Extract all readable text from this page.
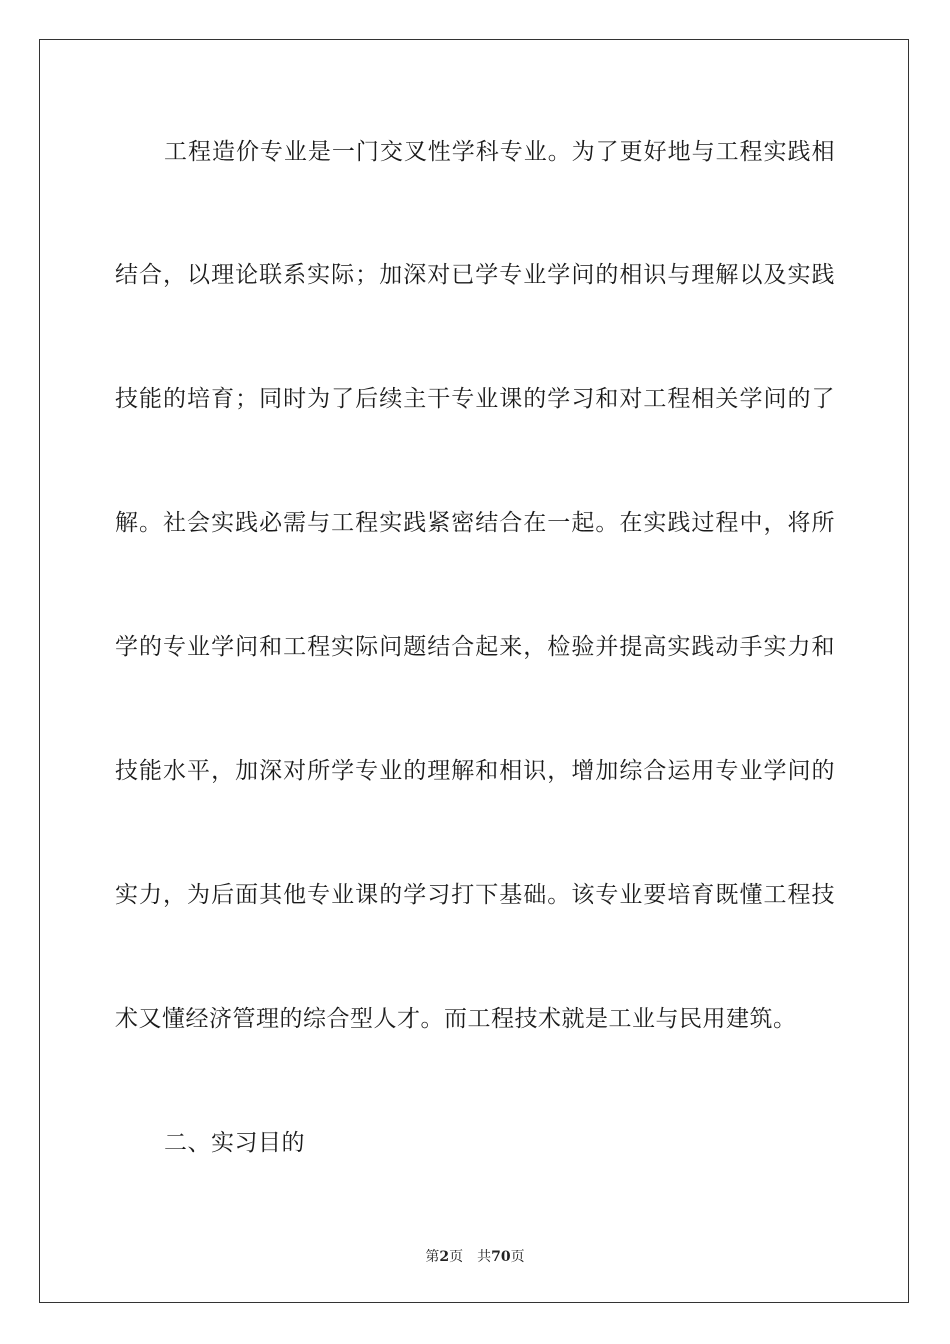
工程造价专业是一门交叉性学科专业。为了更好地与工程实践相
结合，以理论联系实际；加深对已学专业学问的相识与理解以及实践
技能的培育；同时为了后续主干专业课的学习和对工程相关学问的了
解。社会实践必需与工程实践紧密结合在一起。在实践过程中，将所
学的专业学问和工程实际问题结合起来，检验并提高实践动手实力和
技能水平，加深对所学专业的理解和相识，增加综合运用专业学问的
实力，为后面其他专业课的学习打下基础。该专业要培育既懂工程技
术又懂经济管理的综合型人才。而工程技术就是工业与民用建筑。
二、实习目的
第2页 共70页
